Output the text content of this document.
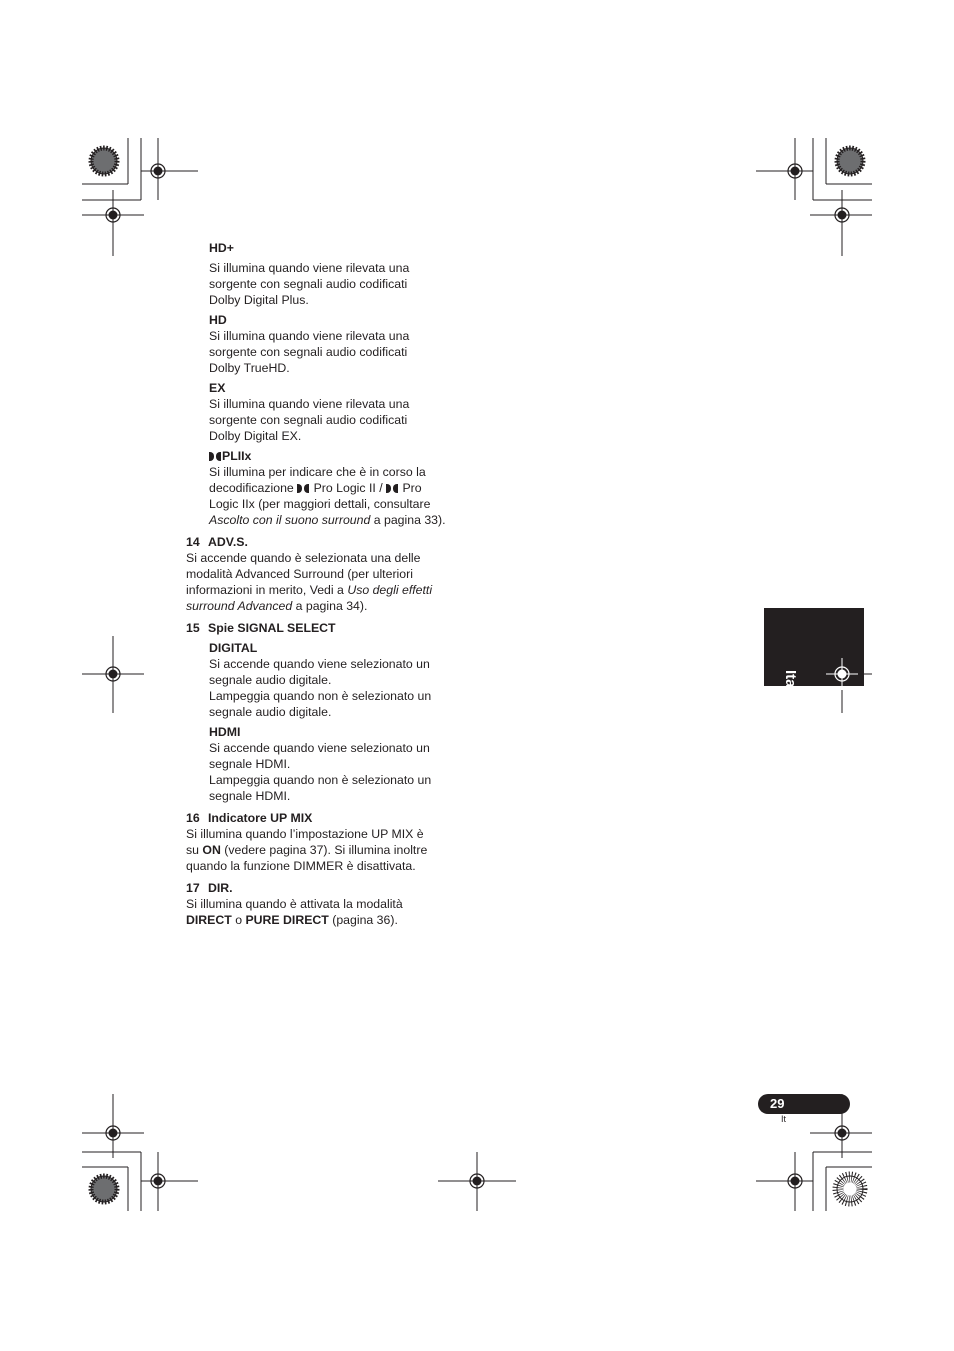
Italiano
HD+

Si illumina quando viene rilevata una

sorgente con segnali audio codificati

Dolby Digital Plus.

HD

Si illumina quando viene rilevata una

sorgente con segnali audio codificati

Dolby TrueHD.

EX

Si illumina quando viene rilevata una

sorgente con segnali audio codificati

Dolby Digital EX.

PLIIx

Si illumina per indicare che è in corso la

decodificazione  Pro Logic II /  Pro

Logic IIx (per maggiori dettali, consultare

Ascolto con il suono surround a pagina 33).

14 ADV.S.

Si accende quando è selezionata una delle

modalità Advanced Surround (per ulteriori

informazioni in merito, Vedi a Uso degli effetti

surround Advanced a pagina 34).

15 Spie SIGNAL SELECT
DIGITAL

Si accende quando viene selezionato un

segnale audio digitale.

Lampeggia quando non è selezionato un

segnale audio digitale.

HDMI

Si accende quando viene selezionato un

segnale HDMI.

Lampeggia quando non è selezionato un

segnale HDMI.

16 Indicatore UP MIX

Si illumina quando l’impostazione UP MIX è

su ON (vedere pagina 37). Si illumina inoltre

quando la funzione DIMMER è disattivata.

17 DIR.

Si illumina quando è attivata la modalità

DIRECT o PURE DIRECT (pagina 36).

29
It
